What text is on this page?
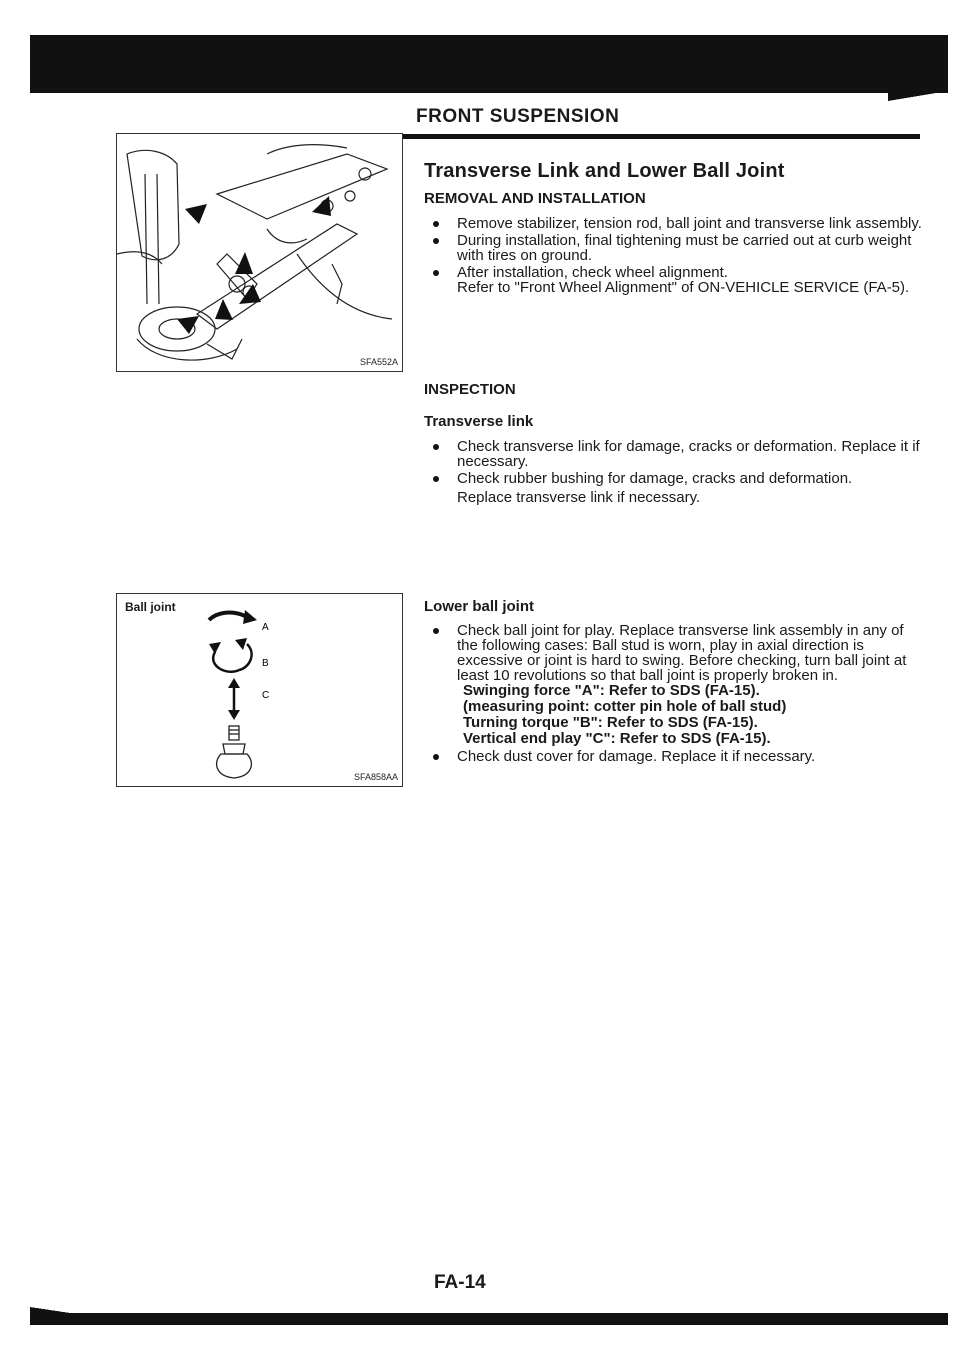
FRONT SUSPENSION
SFA552A
Ball joint
A
B
C
SFA858AA
Transverse Link and Lower Ball Joint
REMOVAL AND INSTALLATION
Remove stabilizer, tension rod, ball joint and transverse link assembly.
During installation, final tightening must be carried out at curb weight with tires on ground.
After installation, check wheel alignment.

Refer to "Front Wheel Alignment" of ON-VEHICLE SERVICE (FA-5).

INSPECTION
Transverse link
Check transverse link for damage, cracks or deformation. Replace it if necessary.
Check rubber bushing for damage, cracks and deformation.

Replace transverse link if necessary.

Lower ball joint
Check ball joint for play. Replace transverse link assembly in any of the following cases: Ball stud is worn, play in axial direction is excessive or joint is hard to swing. Before checking, turn ball joint at least 10 revolutions so that ball joint is properly broken in.
Swinging force "A": Refer to SDS (FA-15).
(measuring point: cotter pin hole of ball stud)
Turning torque "B": Refer to SDS (FA-15).
Vertical end play "C": Refer to SDS (FA-15).
Check dust cover for damage. Replace it if necessary.
FA-14
